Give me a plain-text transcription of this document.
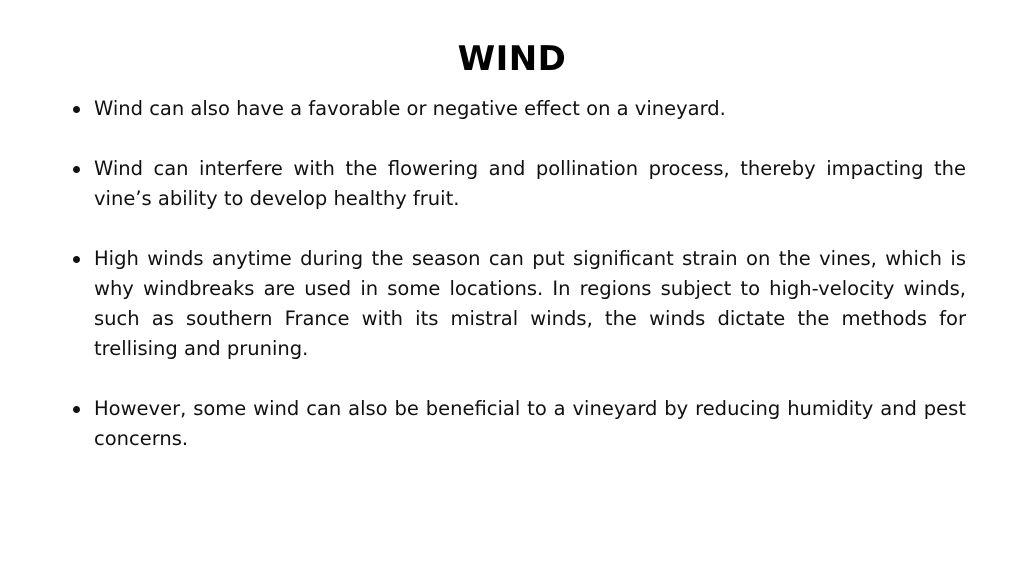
WIND
Wind can also have a favorable or negative effect on a vineyard.
Wind can interfere with the flowering and pollination process, thereby impacting the vine’s ability to develop healthy fruit.
High winds anytime during the season can put significant strain on the vines, which is why windbreaks are used in some locations. In regions subject to high-velocity winds, such as southern France with its mistral winds, the winds dictate the methods for trellising and pruning.
However, some wind can also be beneficial to a vineyard by reducing humidity and pest concerns.
